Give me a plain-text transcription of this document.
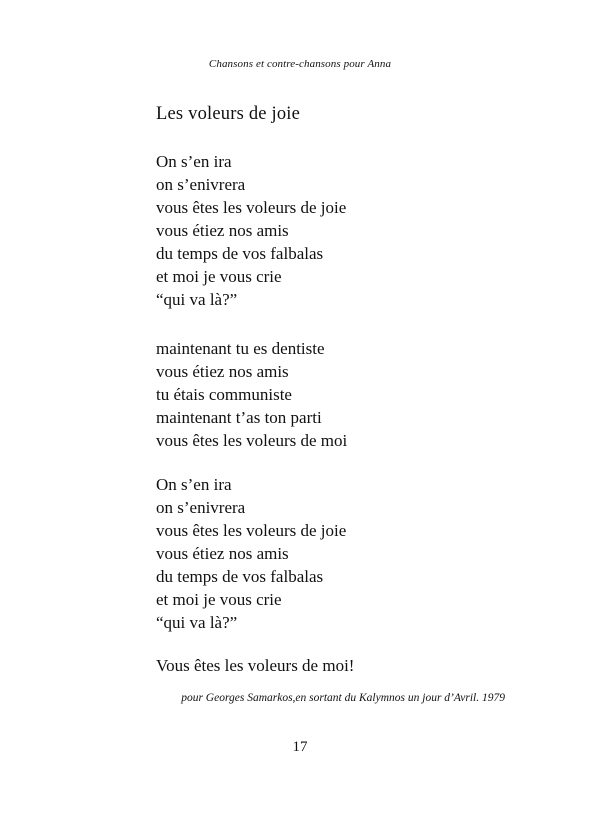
Chansons et contre-chansons pour Anna
Les voleurs de joie
On s’en ira
on s’enivrera
vous êtes les voleurs de joie
vous étiez nos amis
du temps de vos falbalas
et moi je vous crie
“qui va là?”
maintenant tu es dentiste
vous étiez nos amis
tu étais communiste
maintenant t’as ton parti
vous êtes les voleurs de moi
On s’en ira
on s’enivrera
vous êtes les voleurs de joie
vous étiez nos amis
du temps de vos falbalas
et moi je vous crie
“qui va là?”

Vous êtes les voleurs de moi!

pour Georges Samarkos,en sortant du Kalymnos un jour d’Avril. 1979

17
